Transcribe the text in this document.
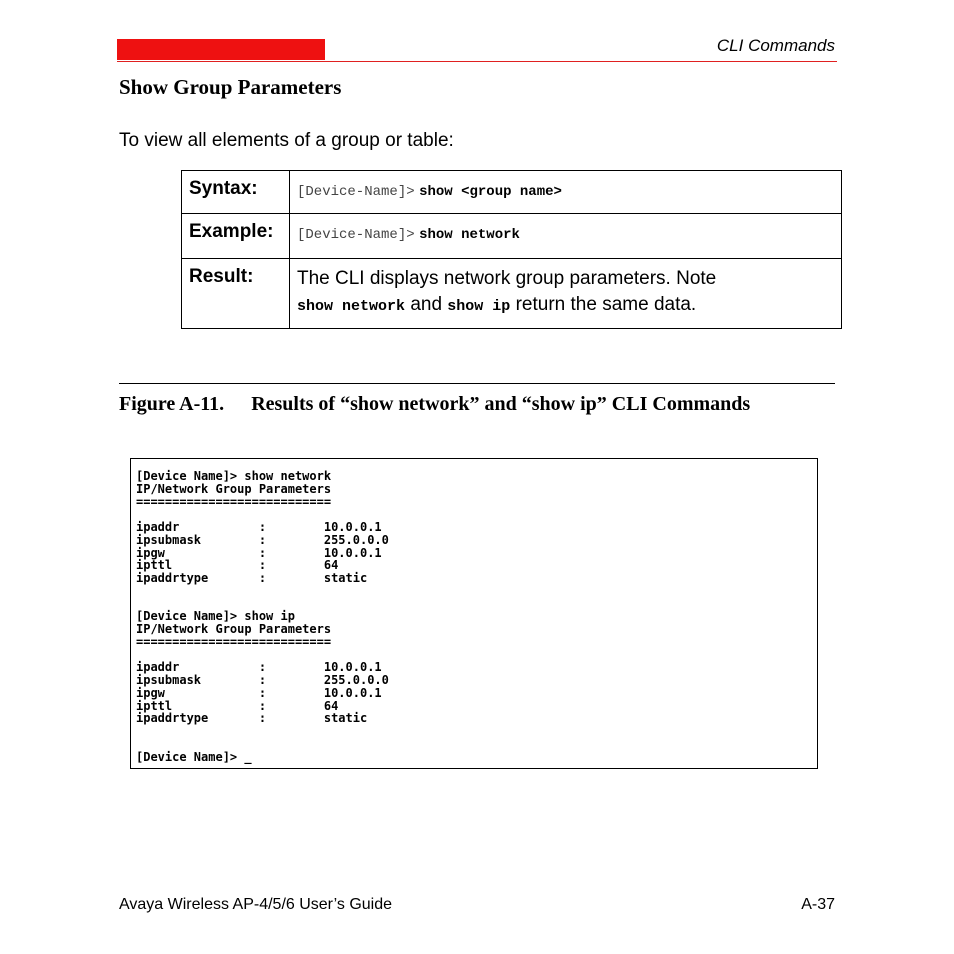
CLI Commands
Show Group Parameters
To view all elements of a group or table:
Syntax:	[Device-Name]> show <group name>
Example:	[Device-Name]> show network
Result:	The CLI displays network group parameters. Note
show network and show ip return the same data.
Figure A-11. Results of “show network” and “show ip” CLI Commands
[Device Name]> show network
IP/Network Group Parameters
===========================

ipaddr           :        10.0.0.1
ipsubmask        :        255.0.0.0
ipgw             :        10.0.0.1
ipttl            :        64
ipaddrtype       :        static

[Device Name]> show ip
IP/Network Group Parameters
===========================

ipaddr           :        10.0.0.1
ipsubmask        :        255.0.0.0
ipgw             :        10.0.0.1
ipttl            :        64
ipaddrtype       :        static

[Device Name]> _
Avaya Wireless AP-4/5/6 User’s Guide	A-37
